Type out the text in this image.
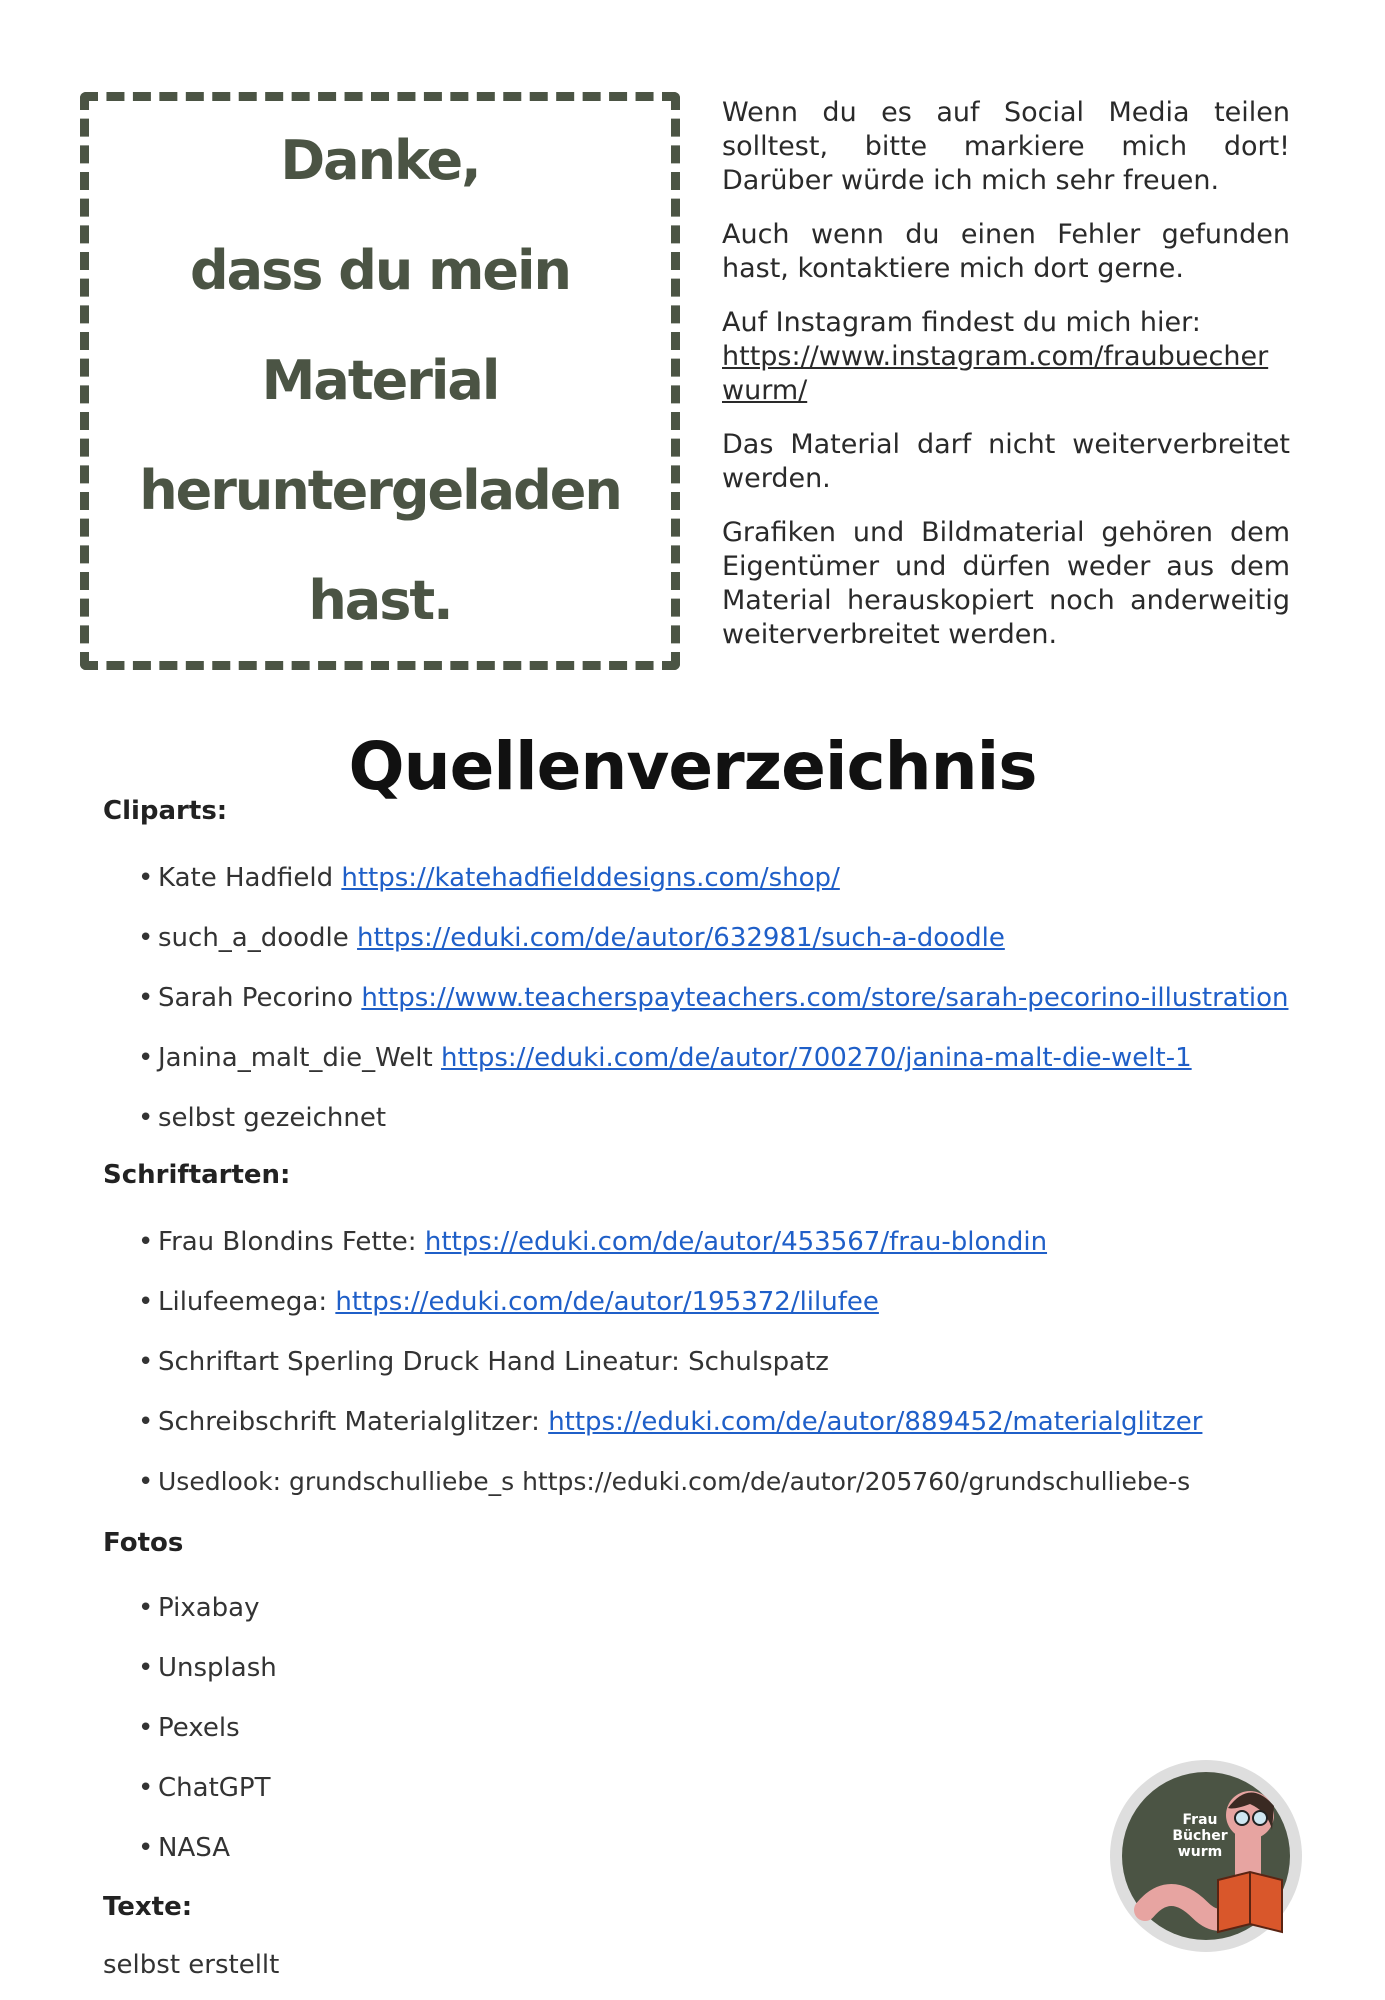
Danke,
dass du mein
Material
heruntergeladen
hast.

Wenn du es auf Social Media teilen solltest, bitte markiere mich dort! Darüber würde ich mich sehr freuen.

Auch wenn du einen Fehler gefunden hast, kontaktiere mich dort gerne.

Auf Instagram findest du mich hier:
https://www.instagram.com/fraubuecherwurm/

Das Material darf nicht weiterverbreitet werden.

Grafiken und Bildmaterial gehören dem Eigentümer und dürfen weder aus dem Material herauskopiert noch anderweitig weiterverbreitet werden.

Quellenverzeichnis
Cliparts:
• Kate Hadfield https://katehadfielddesigns.com/shop/
• such_a_doodle https://eduki.com/de/autor/632981/such-a-doodle
• Sarah Pecorino https://www.teacherspayteachers.com/store/sarah-pecorino-illustration
• Janina_malt_die_Welt https://eduki.com/de/autor/700270/janina-malt-die-welt-1
• selbst gezeichnet
Schriftarten:
• Frau Blondins Fette: https://eduki.com/de/autor/453567/frau-blondin
• Lilufeemega: https://eduki.com/de/autor/195372/lilufee
• Schriftart Sperling Druck Hand Lineatur: Schulspatz
• Schreibschrift Materialglitzer: https://eduki.com/de/autor/889452/materialglitzer
• Usedlook: grundschulliebe_s https://eduki.com/de/autor/205760/grundschulliebe-s
Fotos
• Pixabay
• Unsplash
• Pexels
• ChatGPT
• NASA
Texte:
selbst erstellt
Frau Bücher wurm
